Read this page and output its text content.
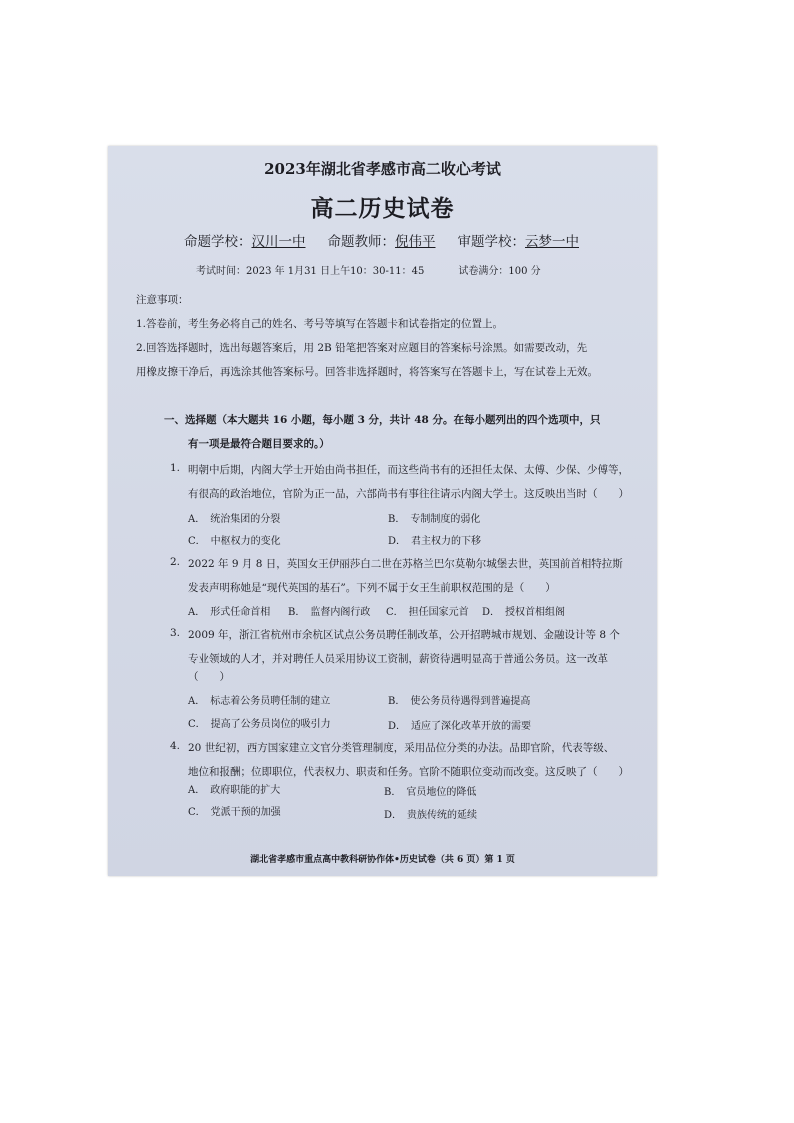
2023年湖北省孝感市高二收心考试
高二历史试卷
命题学校：汉川一中 命题教师：倪伟平 审题学校：云梦一中
考试时间：2023 年 1月31 日上午10：30-11：45	试卷满分：100 分
注意事项：
1.答卷前，考生务必将自己的姓名、考号等填写在答题卡和试卷指定的位置上。
2.回答选择题时，选出每题答案后，用 2B 铅笔把答案对应题目的答案标号涂黑。如需要改动，先
用橡皮擦干净后，再选涂其他答案标号。回答非选择题时，将答案写在答题卡上，写在试卷上无效。
一、选择题（本大题共 16 小题，每小题 3 分，共计 48 分。在每小题列出的四个选项中，只
有一项是最符合题目要求的。）
1. 明朝中后期，内阁大学士开始由尚书担任，而这些尚书有的还担任太保、太傅、少保、少傅等，
有很高的政治地位，官阶为正一品，六部尚书有事往往请示内阁大学士。这反映出当时（　　）
A．　统治集团的分裂	B．　专制制度的弱化
C．　中枢权力的变化	D．　君主权力的下移
2. 2022 年 9 月 8 日，英国女王伊丽莎白二世在苏格兰巴尔莫勒尔城堡去世，英国前首相特拉斯
发表声明称她是“现代英国的基石”。下列不属于女王生前职权范围的是（　　）
A．　形式任命首相 B．　监督内阁行政 C．　担任国家元首 D．　授权首相组阁
3. 2009 年，浙江省杭州市余杭区试点公务员聘任制改革，公开招聘城市规划、金融设计等 8 个
专业领域的人才，并对聘任人员采用协议工资制，薪资待遇明显高于普通公务员。这一改革
（　　）
A．　标志着公务员聘任制的建立	B．　使公务员待遇得到普遍提高
C．　提高了公务员岗位的吸引力	D．　适应了深化改革开放的需要
4. 20 世纪初，西方国家建立文官分类管理制度，采用品位分类的办法。品即官阶，代表等级、
地位和报酬；位即职位，代表权力、职责和任务。官阶不随职位变动而改变。这反映了（　　）
A．　政府职能的扩大	B．　官员地位的降低
C．　党派干预的加强	D．　贵族传统的延续
湖北省孝感市重点高中教科研协作体•历史试卷（共 6 页）第 1 页
